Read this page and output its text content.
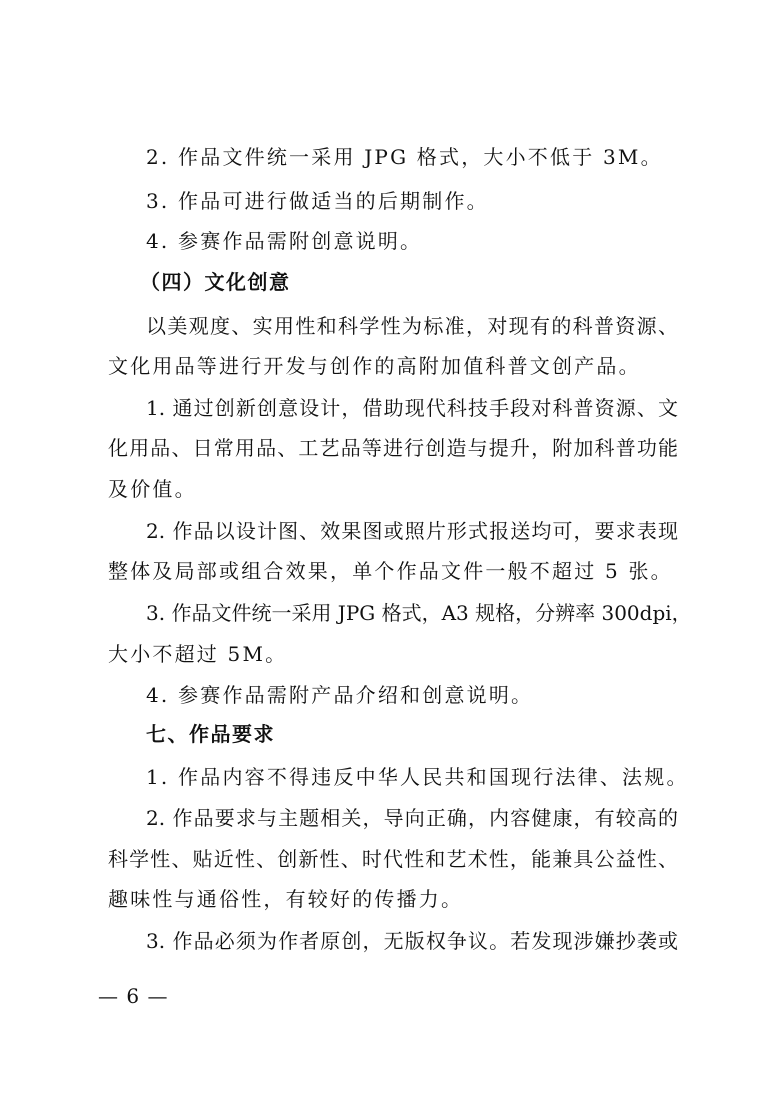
2. 作品文件统一采用 JPG 格式，大小不低于 3M。
3. 作品可进行做适当的后期制作。
4. 参赛作品需附创意说明。
（四）文化创意
以美观度、实用性和科学性为标准，对现有的科普资源、
文化用品等进行开发与创作的高附加值科普文创产品。
1. 通过创新创意设计，借助现代科技手段对科普资源、文
化用品、日常用品、工艺品等进行创造与提升，附加科普功能
及价值。
2. 作品以设计图、效果图或照片形式报送均可，要求表现
整体及局部或组合效果，单个作品文件一般不超过 5 张。
3. 作品文件统一采用 JPG 格式，A3 规格，分辨率 300dpi，
大小不超过 5M。
4. 参赛作品需附产品介绍和创意说明。
七、作品要求
1. 作品内容不得违反中华人民共和国现行法律、法规。
2. 作品要求与主题相关，导向正确，内容健康，有较高的
科学性、贴近性、创新性、时代性和艺术性，能兼具公益性、
趣味性与通俗性，有较好的传播力。
3. 作品必须为作者原创，无版权争议。若发现涉嫌抄袭或
— 6 —
